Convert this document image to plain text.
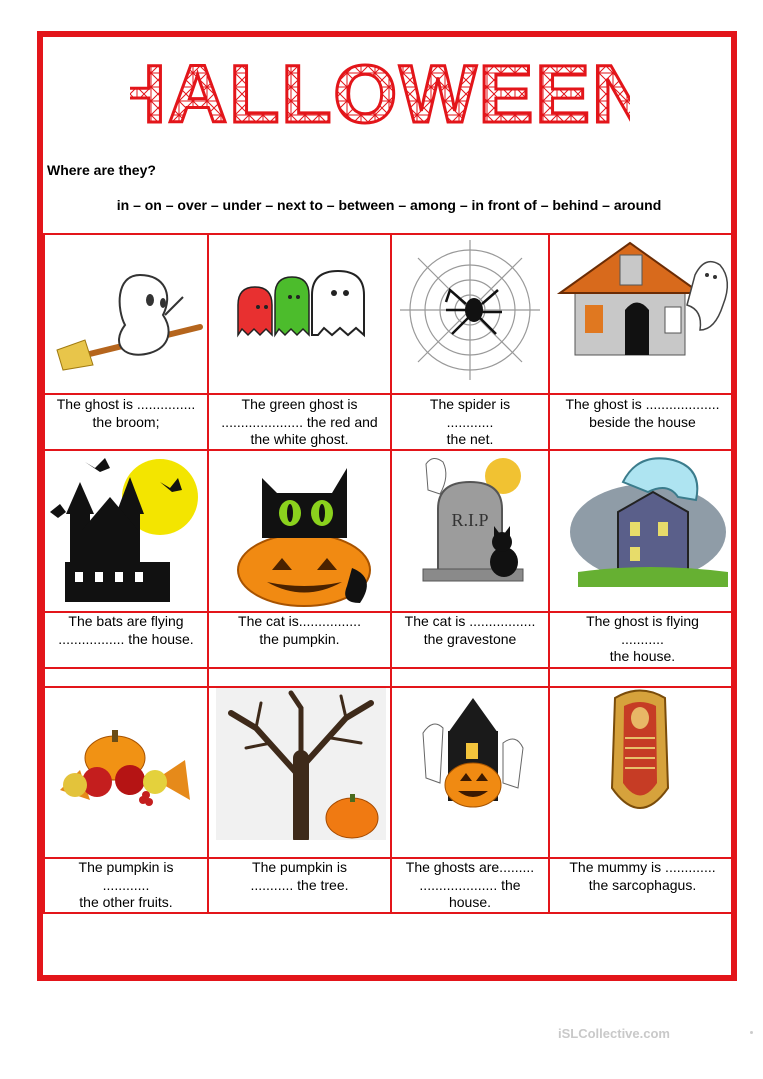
HALLOWEEN
Where are they?
in – on – over – under – next to – between – among – in front of – behind – around
R.I.P
The ghost is ...............
the broom;
The green ghost is
..................... the red and
the white ghost.
The spider is
............
the net.
The ghost is ...................
beside the house
The bats are flying
................. the house.
The cat is................
the pumpkin.
The cat is .................
the gravestone
The ghost is flying
...........
the house.
The pumpkin is
............
the other fruits.
The pumpkin is
........... the tree.
The ghosts are.........
.................... the
house.
The mummy is .............
the sarcophagus.
iSLCollective.com
